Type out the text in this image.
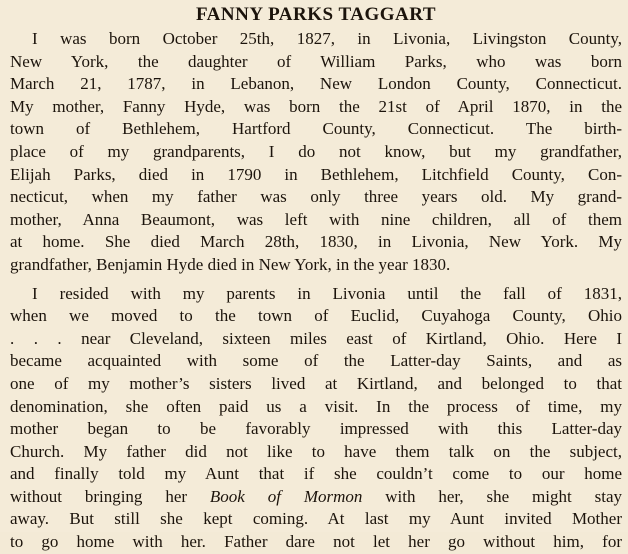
FANNY PARKS TAGGART

I was born October 25th, 1827, in Livonia, Livingston County,
New York, the daughter of William Parks, who was born
March 21, 1787, in Lebanon, New London County, Connecticut.
My mother, Fanny Hyde, was born the 21st of April 1870, in the
town of Bethlehem, Hartford County, Connecticut. The birth-
place of my grandparents, I do not know, but my grandfather,
Elijah Parks, died in 1790 in Bethlehem, Litchfield County, Con-
necticut, when my father was only three years old. My grand-
mother, Anna Beaumont, was left with nine children, all of them
at home. She died March 28th, 1830, in Livonia, New York. My
grandfather, Benjamin Hyde died in New York, in the year 1830.

I resided with my parents in Livonia until the fall of 1831,
when we moved to the town of Euclid, Cuyahoga County, Ohio
. . . near Cleveland, sixteen miles east of Kirtland, Ohio. Here I
became acquainted with some of the Latter-day Saints, and as
one of my mother’s sisters lived at Kirtland, and belonged to that
denomination, she often paid us a visit. In the process of time, my
mother began to be favorably impressed with this Latter-day
Church. My father did not like to have them talk on the subject,
and finally told my Aunt that if she couldn’t come to our home
without bringing her Book of Mormon with her, she might stay
away. But still she kept coming. At last my Aunt invited Mother
to go home with her. Father dare not let her go without him, for
